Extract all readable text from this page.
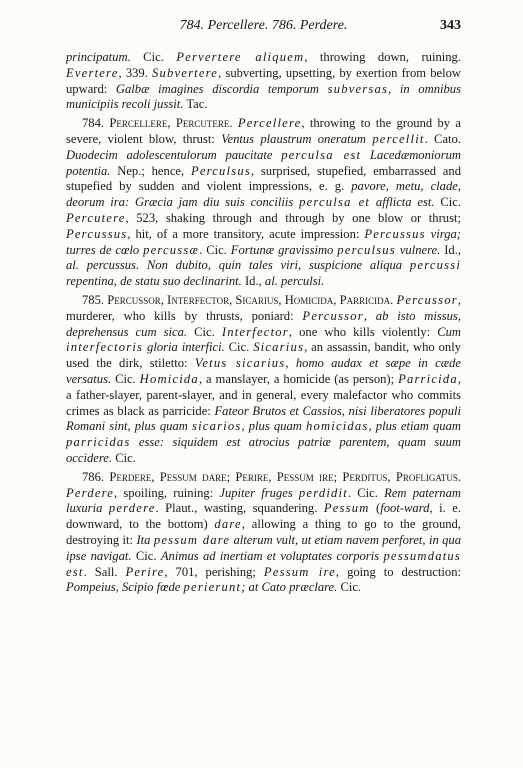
784. Percellere. 786. Perdere.	343

principatum. Cic. Pervertere aliquem, throwing down, ruining. Evertere, 339. Subvertere, subverting, upsetting, by exertion from below upward: Galbæ imagines discordia temporum subversas, in omnibus municipiis recoli jussit. Tac.

784. Percellere, Percutere. Percellere, throwing to the ground by a severe, violent blow, thrust: Ventus plaustrum oneratum percellit. Cato. Duodecim adolescentulorum paucitate perculsa est Lacedæmoniorum potentia. Nep.; hence, Perculsus, surprised, stupefied, embarrassed and stupefied by sudden and violent impressions, e. g. pavore, metu, clade, deorum ira: Græcia jam diu suis conciliis perculsa et afflicta est. Cic. Percutere, 523, shaking through and through by one blow or thrust; Percussus, hit, of a more transitory, acute impression: Percussus virga; turres de cœlo percussæ. Cic. Fortunæ gravissimo perculsus vulnere. Id., al. percussus. Non dubito, quin tales viri, suspicione aliqua percussi repentina, de statu suo declinarint. Id., al. perculsi.

785. Percussor, Interfector, Sicarius, Homicida, Parricida. Percussor, murderer, who kills by thrusts, poniard: Percussor, ab isto missus, deprehensus cum sica. Cic. Interfector, one who kills violently: Cum interfectoris gloria interfici. Cic. Sicarius, an assassin, bandit, who only used the dirk, stiletto: Vetus sicarius, homo audax et sæpe in cæde versatus. Cic. Homicida, a manslayer, a homicide (as person); Parricida, a father-slayer, parent-slayer, and in general, every malefactor who commits crimes as black as parricide: Fateor Brutos et Cassios, nisi liberatores populi Romani sint, plus quam sicarios, plus quam homicidas, plus etiam quam parricidas esse: siquidem est atrocius patriæ parentem, quam suum occidere. Cic.

786. Perdere, Pessum dare; Perire, Pessum ire; Perditus, Profligatus. Perdere, spoiling, ruining: Jupiter fruges perdidit. Cic. Rem paternam luxuria perdere. Plaut., wasting, squandering. Pessum (foot-ward, i. e. downward, to the bottom) dare, allowing a thing to go to the ground, destroying it: Ita pessum dare alterum vult, ut etiam navem perforet, in qua ipse navigat. Cic. Animus ad inertiam et voluptates corporis pessumdatus est. Sall. Perire, 701, perishing; Pessum ire, going to destruction: Pompeius, Scipio fœde perierunt; at Cato præclare. Cic.
